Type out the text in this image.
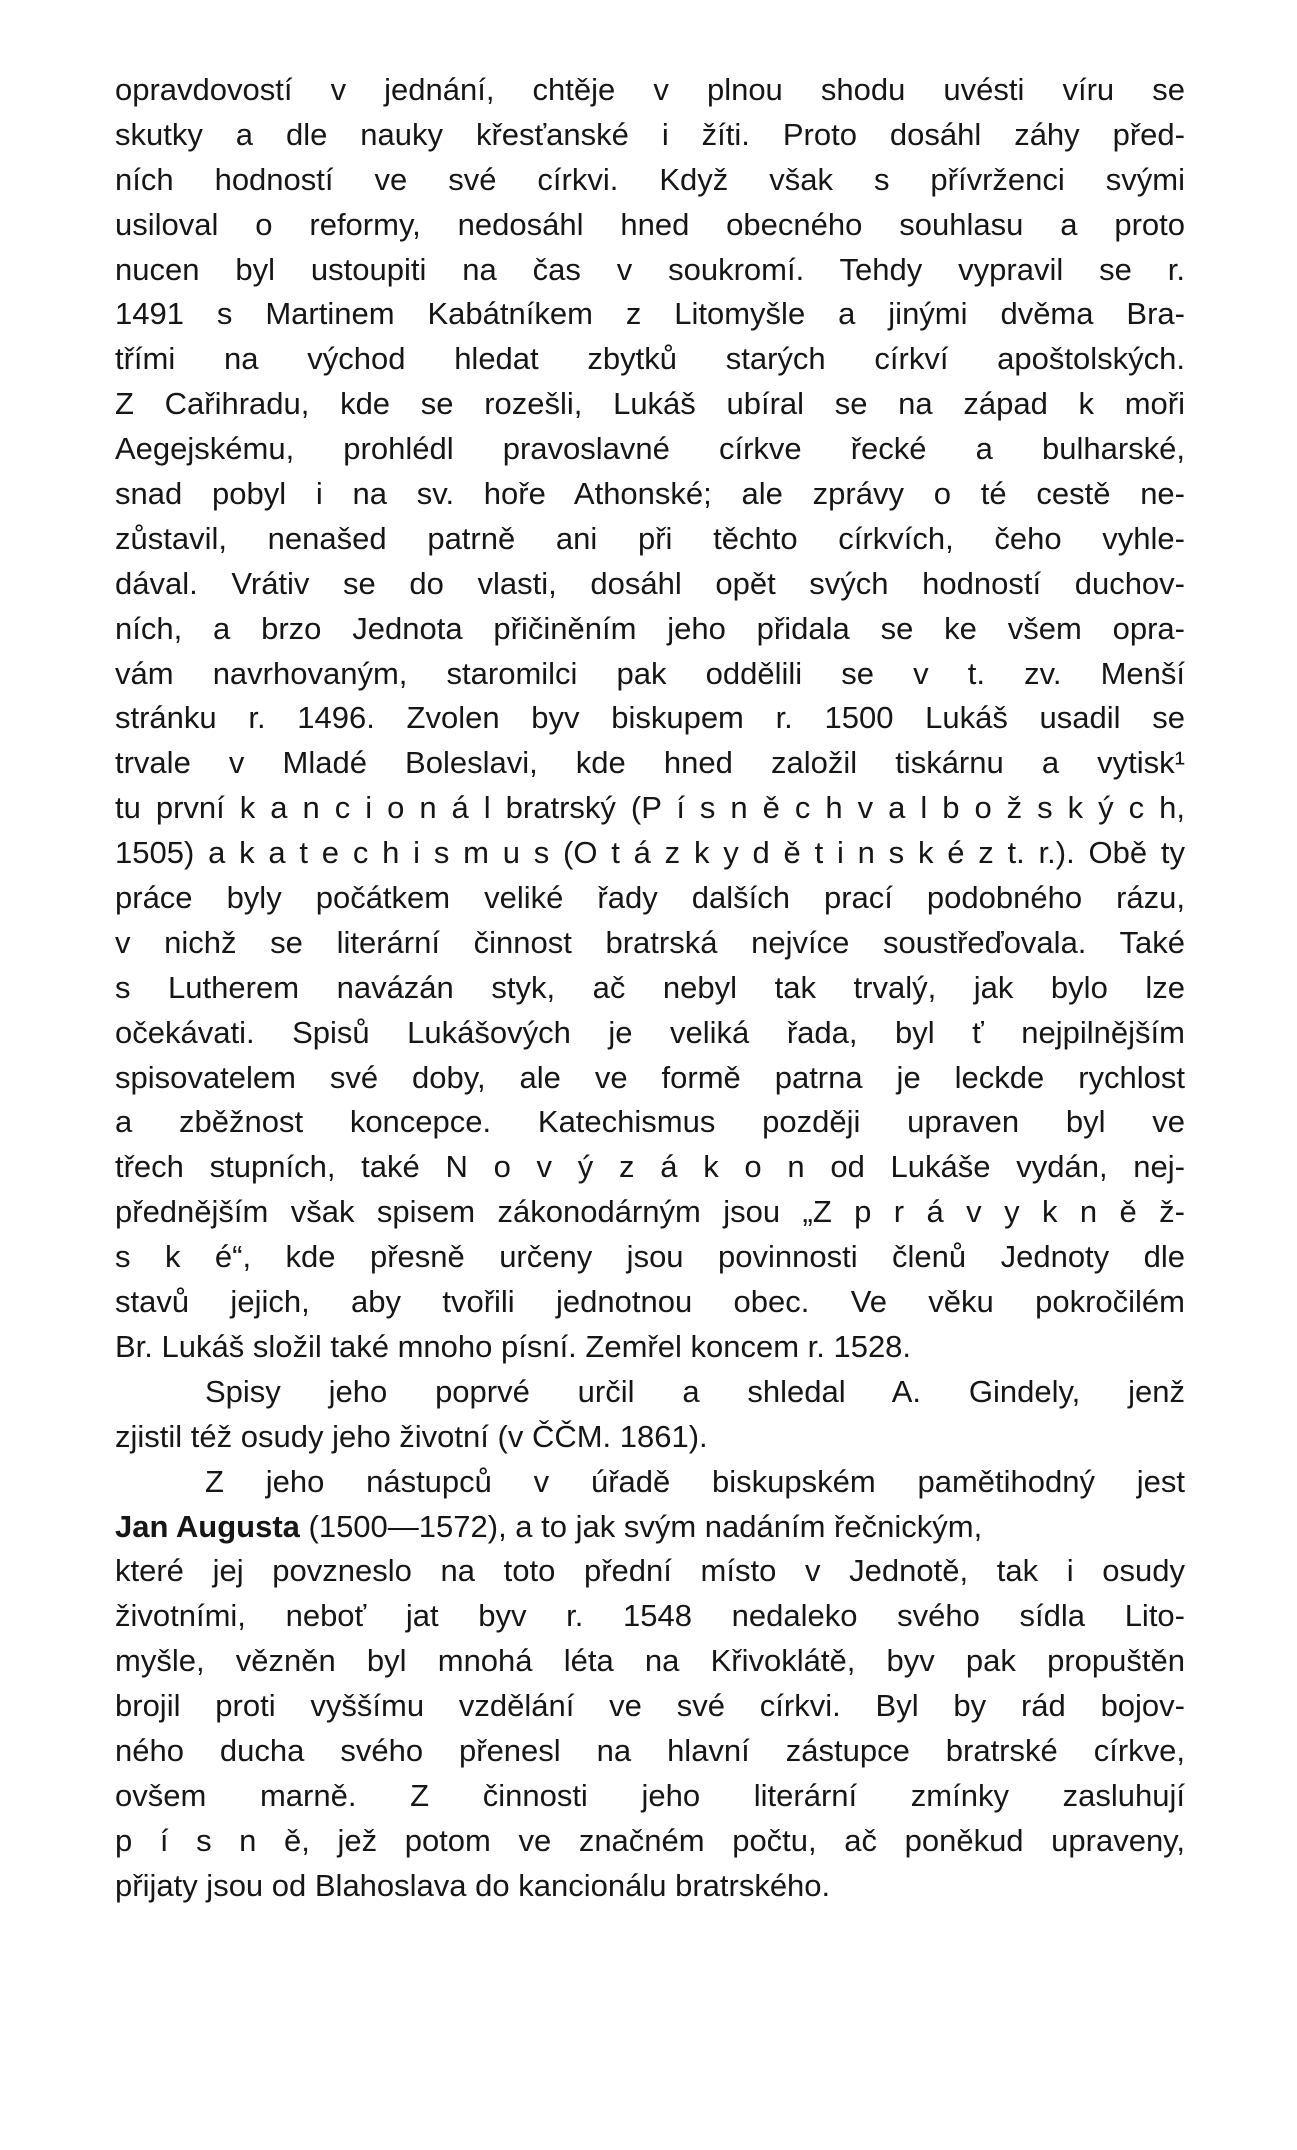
opravdovostí v jednání, chtěje v plnou shodu uvésti víru se
skutky a dle nauky křesťanské i žíti. Proto dosáhl záhy před-
ních hodností ve své církvi. Když však s přívrženci svými
usiloval o reformy, nedosáhl hned obecného souhlasu a proto
nucen byl ustoupiti na čas v soukromí. Tehdy vypravil se r.
1491 s Martinem Kabátníkem z Litomyšle a jinými dvěma Bra-
třími na východ hledat zbytků starých církví apoštolských.
Z Cařihradu, kde se rozešli, Lukáš ubíral se na západ k moři
Aegejskému, prohlédl pravoslavné církve řecké a bulharské,
snad pobyl i na sv. hoře Athonské; ale zprávy o té cestě ne-
zůstavil, nenašed patrně ani při těchto církvích, čeho vyhle-
dával. Vrátiv se do vlasti, dosáhl opět svých hodností duchov-
ních, a brzo Jednota přičiněním jeho přidala se ke všem opra-
vám navrhovaným, staromilci pak oddělili se v t. zv. Menší
stránku r. 1496. Zvolen byv biskupem r. 1500 Lukáš usadil se
trvale v Mladé Boleslavi, kde hned založil tiskárnu a vytisk¹
tu první k a n c i o n á l bratrský (P í s n ě c h v a l b o ž s k ý c h,
1505) a k a t e c h i s m u s (O t á z k y d ě t i n s k é z t. r.). Obě ty
práce byly počátkem veliké řady dalších prací podobného rázu,
v nichž se literární činnost bratrská nejvíce soustřeďovala. Také
s Lutherem navázán styk, ač nebyl tak trvalý, jak bylo lze
očekávati. Spisů Lukášových je veliká řada, byl ť nejpilnějším
spisovatelem své doby, ale ve formě patrna je leckde rychlost
a zběžnost koncepce. Katechismus později upraven byl ve
třech stupních, také N o v ý z á k o n od Lukáše vydán, nej-
přednějším však spisem zákonodárným jsou „Z p r á v y k n ě ž-
s k é“, kde přesně určeny jsou povinnosti členů Jednoty dle
stavů jejich, aby tvořili jednotnou obec. Ve věku pokročilém
Br. Lukáš složil také mnoho písní. Zemřel koncem r. 1528.
Spisy jeho poprvé určil a shledal A. Gindely, jenž
zjistil též osudy jeho životní (v ČČM. 1861).
Z jeho nástupců v úřadě biskupském pamětihodný jest
Jan Augusta (1500—1572), a to jak svým nadáním řečnickým,
které jej povzneslo na toto přední místo v Jednotě, tak i osudy
životními, neboť jat byv r. 1548 nedaleko svého sídla Lito-
myšle, vězněn byl mnohá léta na Křivoklátě, byv pak propuštěn
brojil proti vyššímu vzdělání ve své církvi. Byl by rád bojov-
ného ducha svého přenesl na hlavní zástupce bratrské církve,
ovšem marně. Z činnosti jeho literární zmínky zasluhují
p í s n ě, jež potom ve značném počtu, ač poněkud upraveny,
přijaty jsou od Blahoslava do kancionálu bratrského.
